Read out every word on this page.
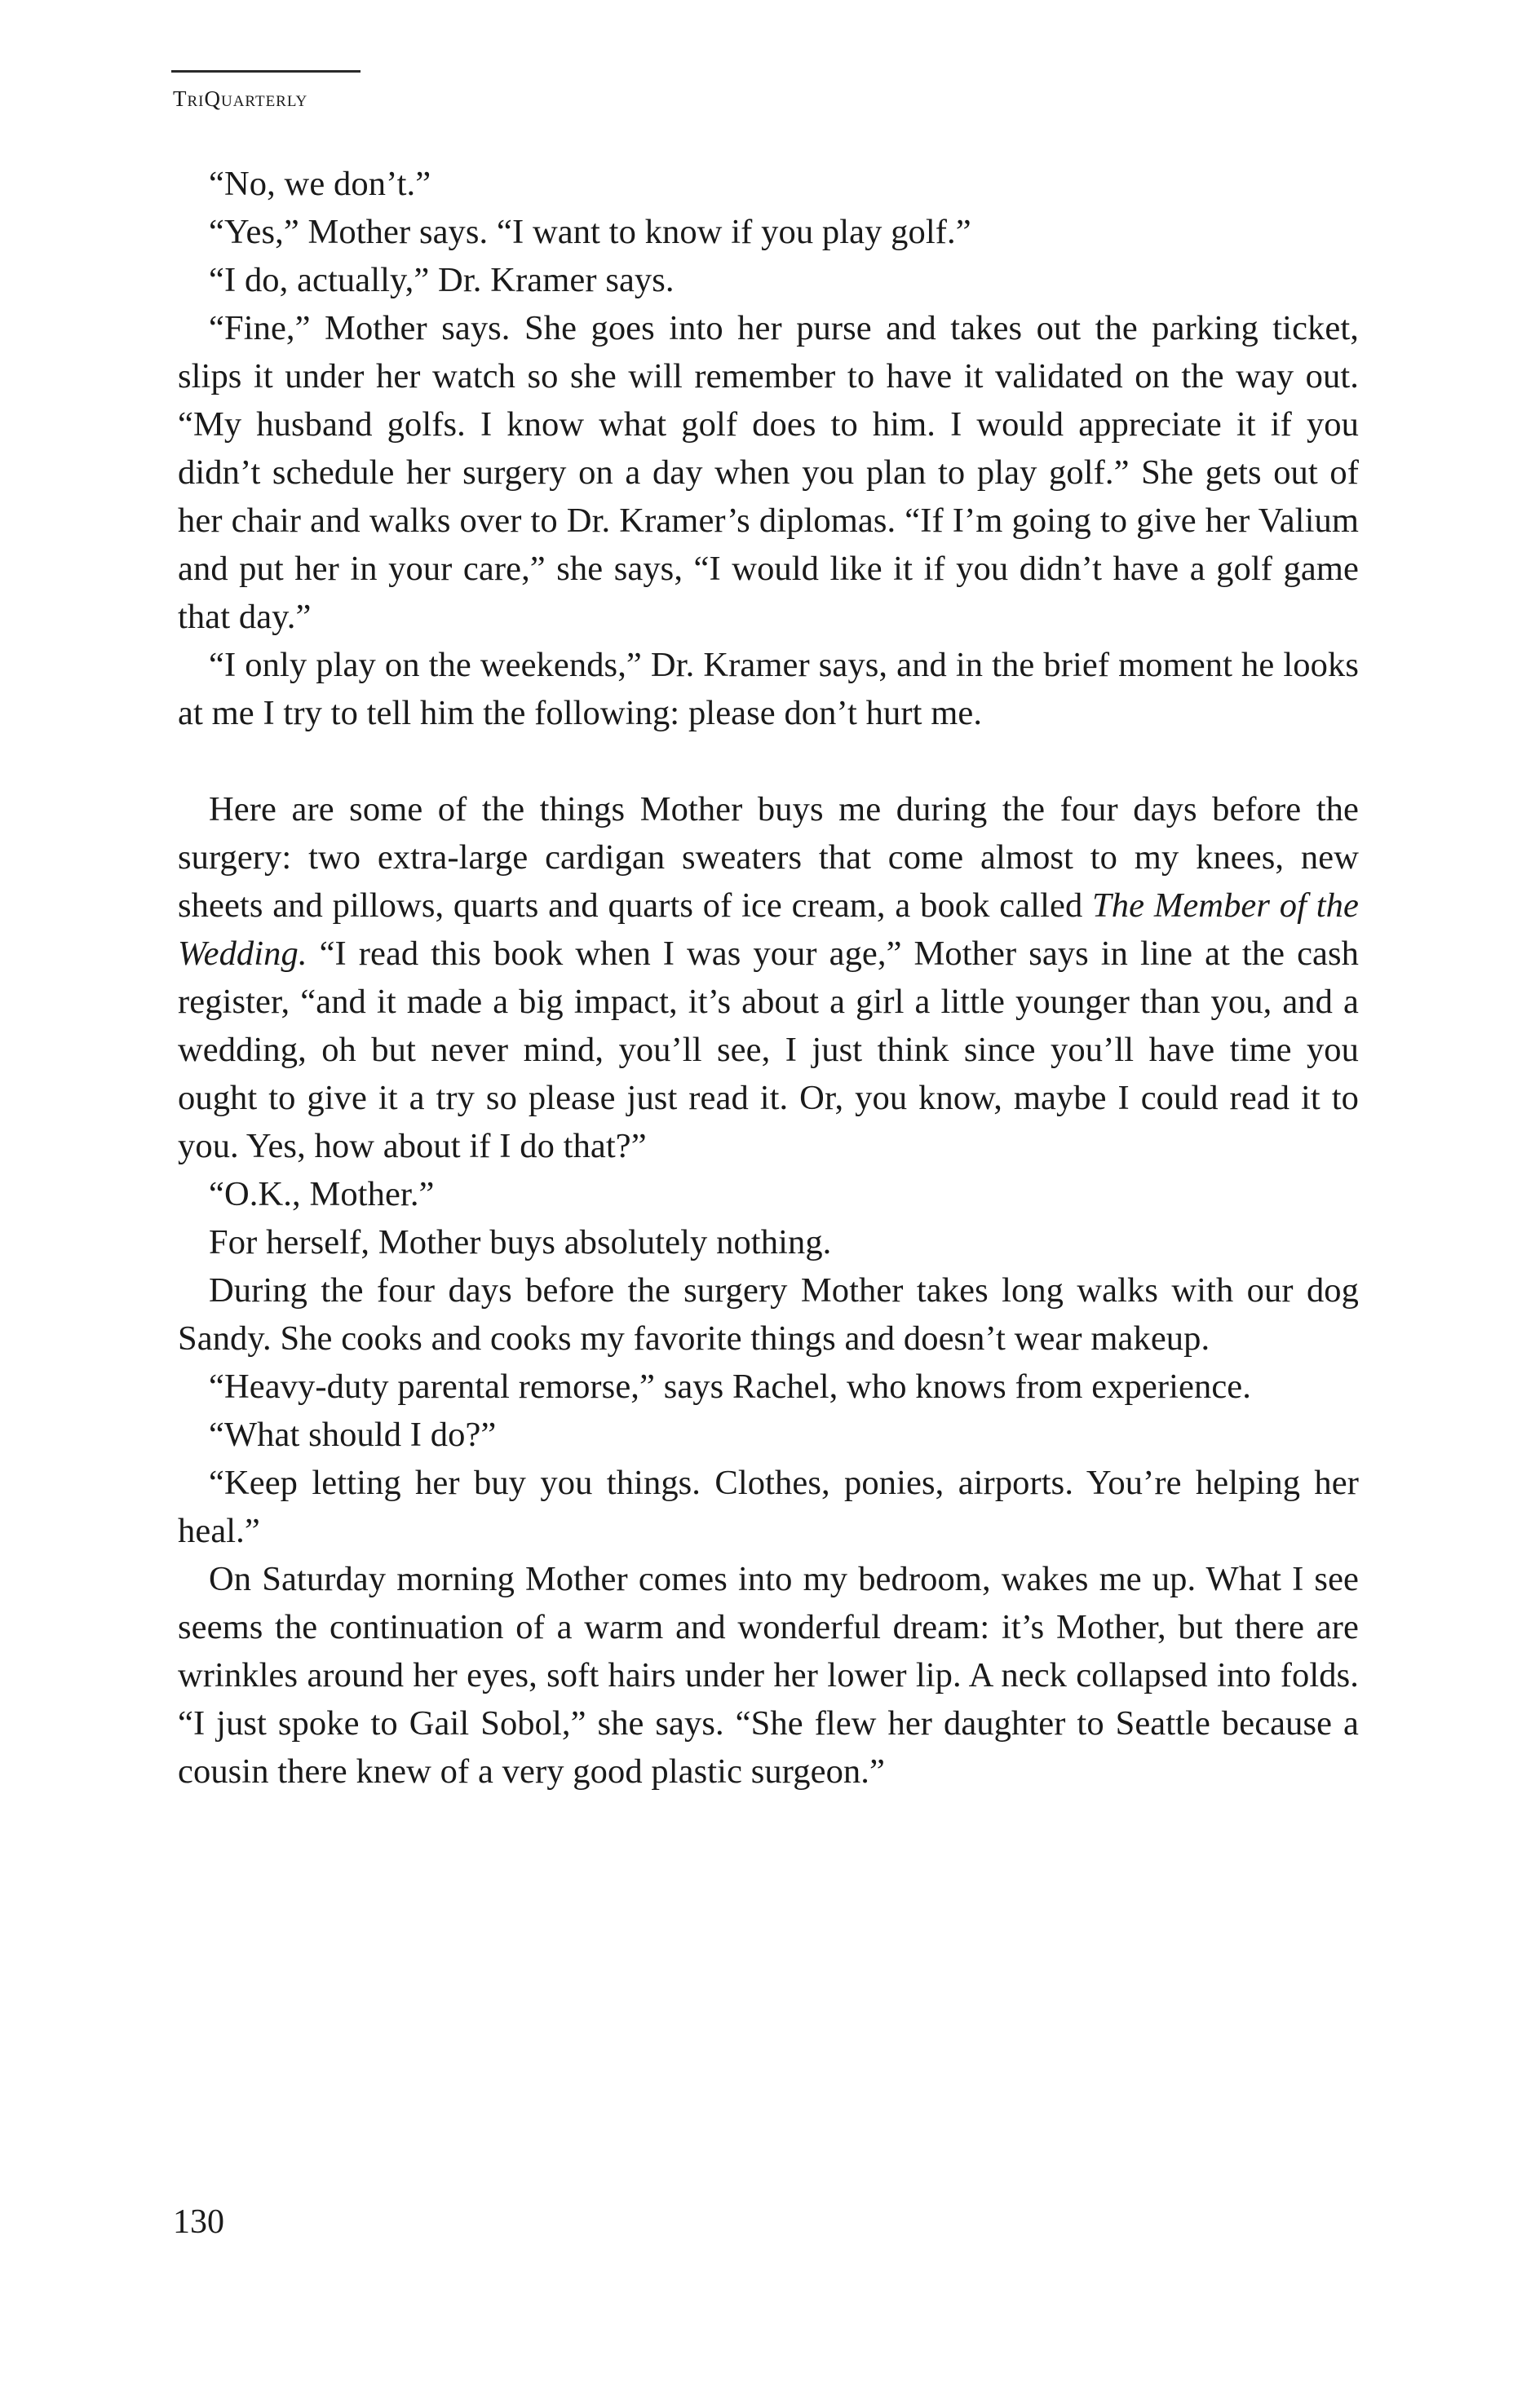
TriQuarterly

“No, we don’t.”

“Yes,” Mother says. “I want to know if you play golf.”

“I do, actually,” Dr. Kramer says.

“Fine,” Mother says. She goes into her purse and takes out the parking ticket, slips it under her watch so she will remember to have it validated on the way out. “My husband golfs. I know what golf does to him. I would appreciate it if you didn’t schedule her surgery on a day when you plan to play golf.” She gets out of her chair and walks over to Dr. Kramer’s diplomas. “If I’m going to give her Valium and put her in your care,” she says, “I would like it if you didn’t have a golf game that day.”

“I only play on the weekends,” Dr. Kramer says, and in the brief moment he looks at me I try to tell him the following: please don’t hurt me.

Here are some of the things Mother buys me during the four days before the surgery: two extra-large cardigan sweaters that come almost to my knees, new sheets and pillows, quarts and quarts of ice cream, a book called The Member of the Wedding. “I read this book when I was your age,” Mother says in line at the cash register, “and it made a big impact, it’s about a girl a little younger than you, and a wedding, oh but never mind, you’ll see, I just think since you’ll have time you ought to give it a try so please just read it. Or, you know, maybe I could read it to you. Yes, how about if I do that?”

“O.K., Mother.”

For herself, Mother buys absolutely nothing.

During the four days before the surgery Mother takes long walks with our dog Sandy. She cooks and cooks my favorite things and doesn’t wear makeup.

“Heavy-duty parental remorse,” says Rachel, who knows from experience.

“What should I do?”

“Keep letting her buy you things. Clothes, ponies, airports. You’re helping her heal.”

On Saturday morning Mother comes into my bedroom, wakes me up. What I see seems the continuation of a warm and wonderful dream: it’s Mother, but there are wrinkles around her eyes, soft hairs under her lower lip. A neck collapsed into folds. “I just spoke to Gail Sobol,” she says. “She flew her daughter to Seattle because a cousin there knew of a very good plastic surgeon.”

130
